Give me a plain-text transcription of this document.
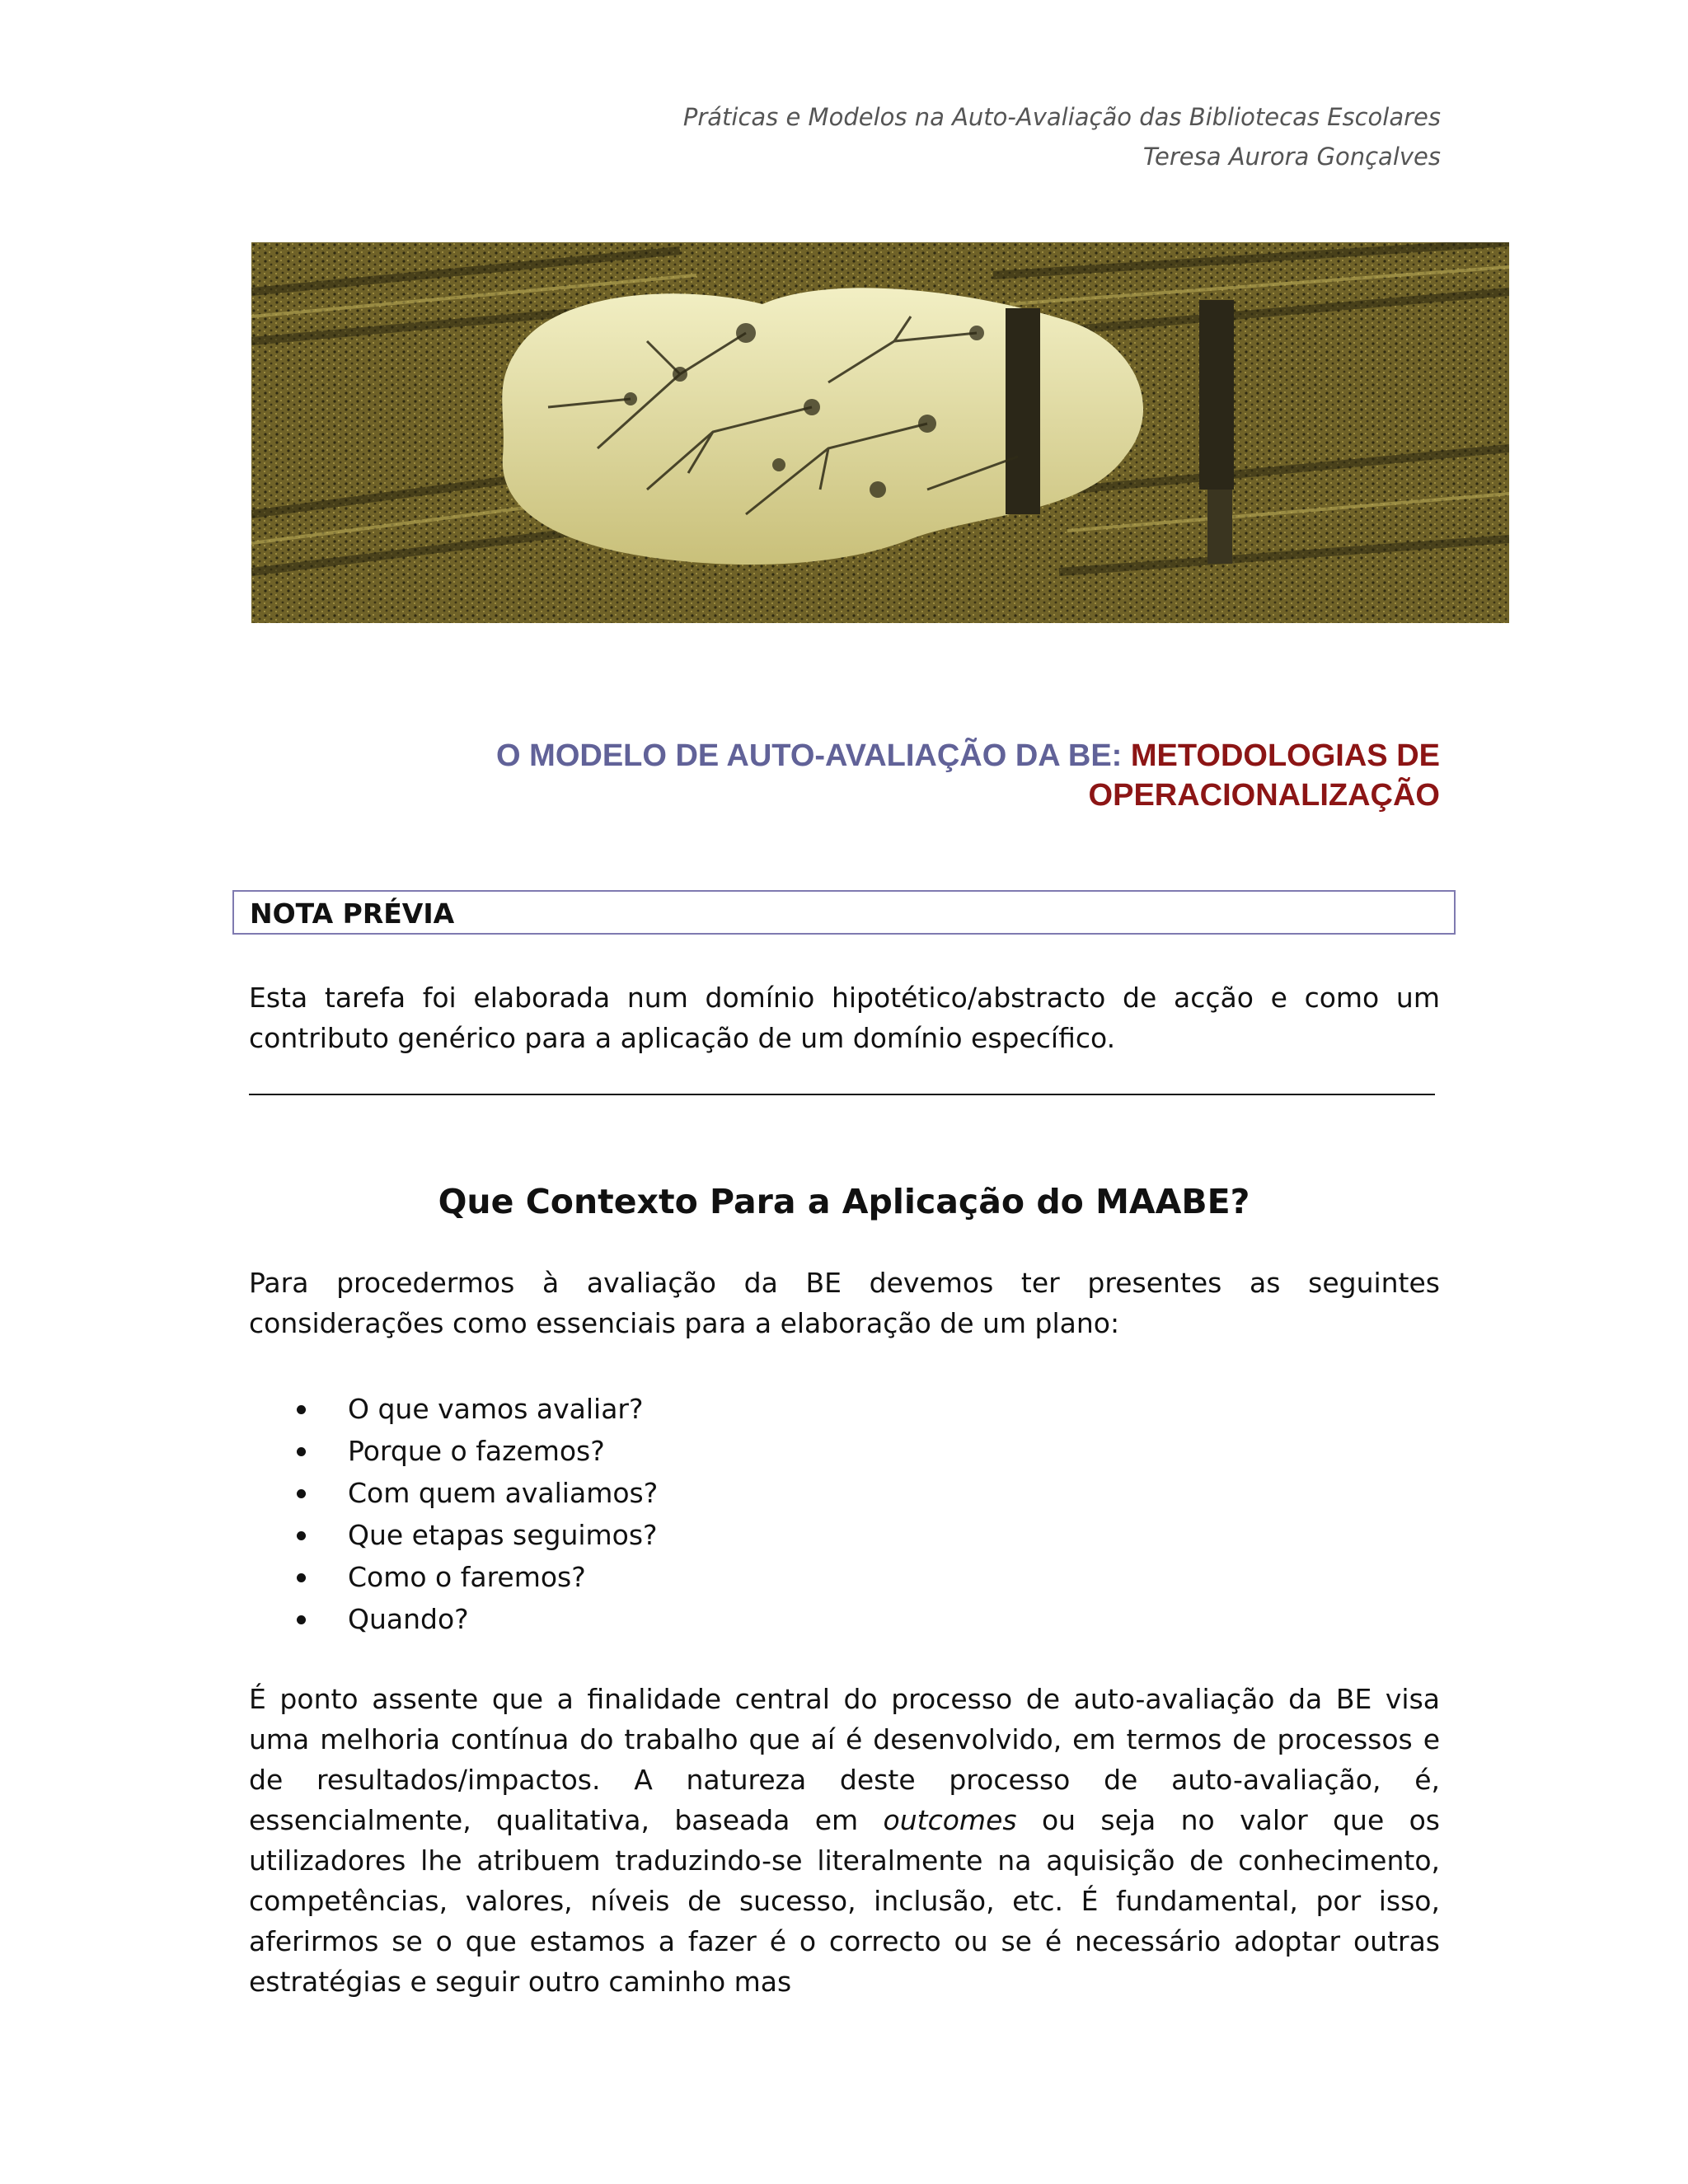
Práticas e Modelos na Auto-Avaliação das Bibliotecas Escolares
Teresa Aurora Gonçalves
O MODELO DE AUTO-AVALIAÇÃO DA BE: METODOLOGIAS DE
OPERACIONALIZAÇÃO
NOTA PRÉVIA
Esta tarefa foi elaborada num domínio hipotético/abstracto de acção e como um contributo genérico para a aplicação de um domínio específico.
Que Contexto Para a Aplicação do MAABE?
Para procedermos à avaliação da BE devemos ter presentes as seguintes considerações como essenciais para a elaboração de um plano:
O que vamos avaliar?
Porque o fazemos?
Com quem avaliamos?
Que etapas seguimos?
Como o faremos?
Quando?
É ponto assente que a finalidade central do processo de auto-avaliação da BE visa uma melhoria contínua do trabalho que aí é desenvolvido, em termos de processos e de resultados/impactos. A natureza deste processo de auto-avaliação, é, essencialmente, qualitativa, baseada em outcomes ou seja no valor que os utilizadores lhe atribuem traduzindo-se literalmente na aquisição de conhecimento, competências, valores, níveis de sucesso, inclusão, etc. É fundamental, por isso, aferirmos se o que estamos a fazer é o correcto ou se é necessário adoptar outras estratégias e seguir outro caminho mas
